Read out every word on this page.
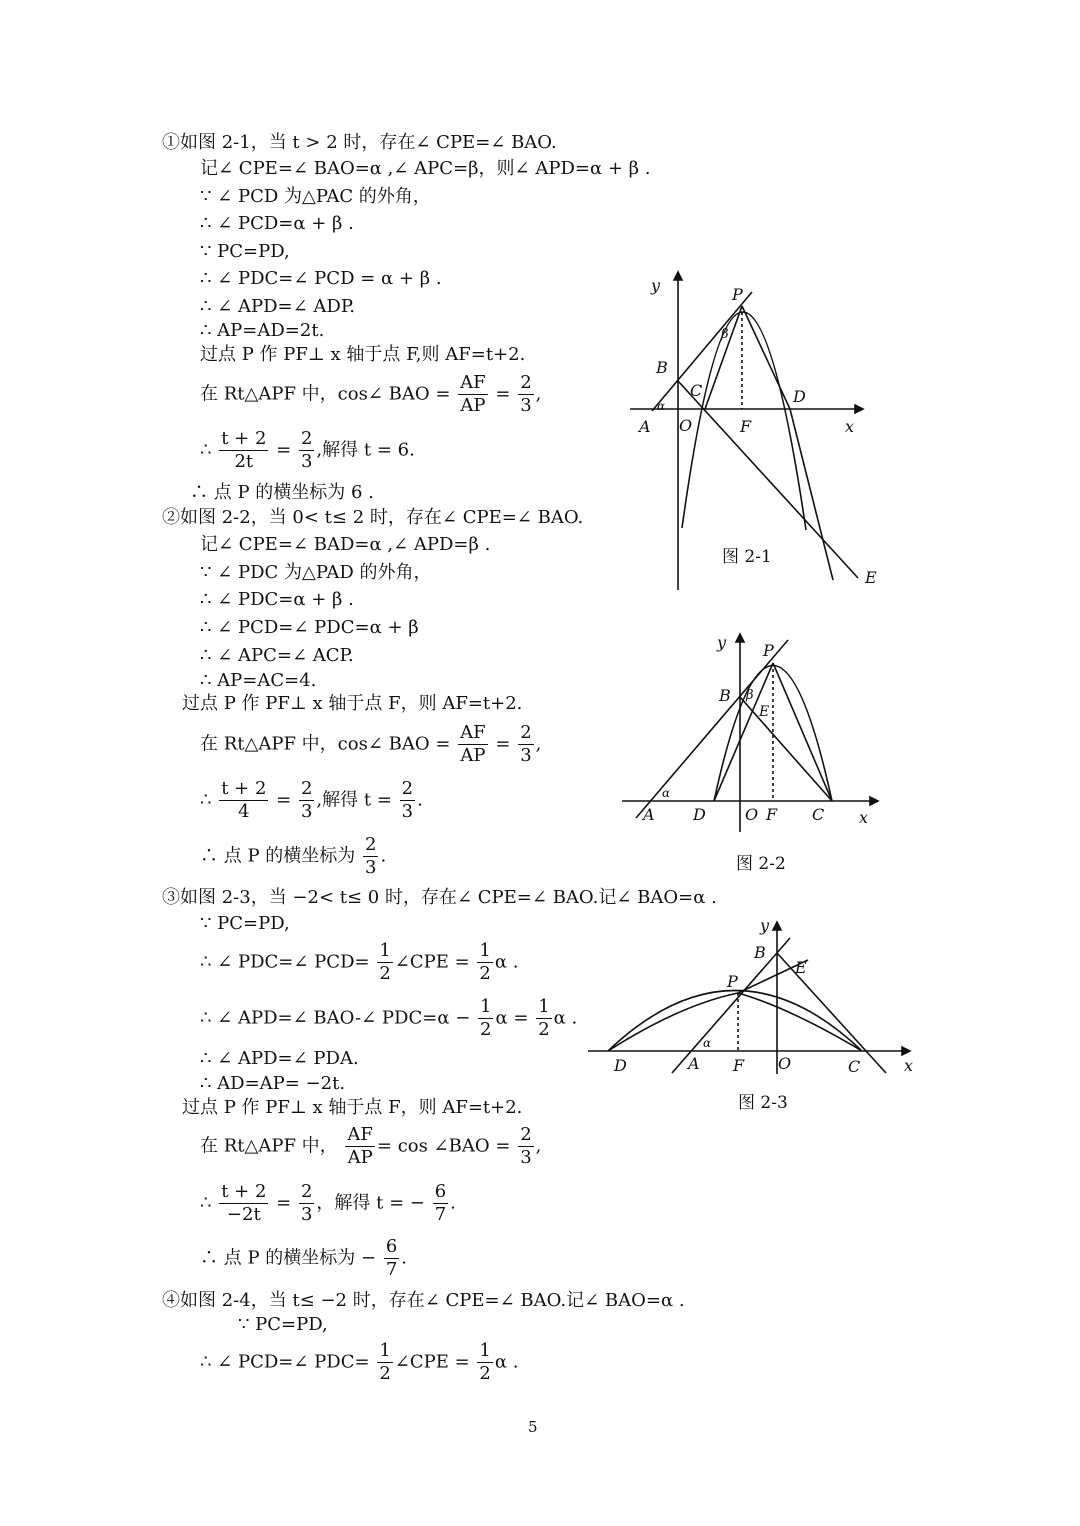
①如图 2-1，当 t > 2 时，存在∠ CPE=∠ BAO.
记∠ CPE=∠ BAO=α ,∠ APC=β，则∠ APD=α + β .
∵ ∠ PCD 为△PAC 的外角，
∴ ∠ PCD=α + β .
∵ PC=PD,
∴ ∠ PDC=∠ PCD = α + β .
∴ ∠ APD=∠ ADP.
∴ AP=AD=2t.
过点 P 作 PF⊥ x 轴于点 F,则 AF=t+2.
在 Rt△APF 中，cos∠ BAO = $\frac{AF}{AP} = \frac{2}{3}$ ,
∴ $\frac{t + 2}{2t} = \frac{2}{3}$ ,解得 t = 6.
∴ 点 P 的横坐标为 6 .
②如图 2-2，当 0< t≤ 2 时，存在∠ CPE=∠ BAO.
记∠ CPE=∠ BAD=α ,∠ APD=β .
∵ ∠ PDC 为△PAD 的外角，
∴ ∠ PDC=α + β .
∴ ∠ PCD=∠ PDC=α + β
∴ ∠ APC=∠ ACP.
∴ AP=AC=4.
过点 P 作 PF⊥ x 轴于点 F，则 AF=t+2.
在 Rt△APF 中，cos∠ BAO = $\frac{AF}{AP} = \frac{2}{3}$ ,
∴ $\frac{t + 2}{4} = \frac{2}{3}$ ,解得 $t = \frac{2}{3}$ .
∴ 点 P 的横坐标为 $\frac{2}{3}$ .
③如图 2-3，当 −2< t≤ 0 时，存在∠ CPE=∠ BAO.记∠ BAO=α .
∵ PC=PD,
∴ ∠ PDC=∠ $PCD= \frac{1}{2}$ ∠CPE = $\frac{1}{2}$ α .
∴ ∠ APD=∠ BAO-∠ $PDC=\alpha - \frac{1}{2}$ $\alpha = \frac{1}{2}$ α .
∴ ∠ APD=∠ PDA.
∴ AD=AP= −2t.
过点 P 作 PF⊥ x 轴于点 F，则 AF=t+2.
在 Rt△APF 中， $\frac{AF}{AP} = \cos$ ∠BAO = $\frac{2}{3}$ ,
∴ $\frac{t + 2}{-2t} = \frac{2}{3}$ ，解得 t = − $\frac{6}{7}$ .
∴ 点 P 的横坐标为 − $\frac{6}{7}$ .
④如图 2-4，当 t≤ −2 时，存在∠ CPE=∠ BAO.记∠ BAO=α .
∵ PC=PD,
∴ ∠ PCD=∠ $PDC= \frac{1}{2}$ ∠CPE = $\frac{1}{2}$ α .
y	P
β
B
C
α	D
A O	F	x
E
图 2-1
y P
B β
E
α
A D O F C x
图 2-2
y
B
E
P
α
D	A F O	C	x
图 2-3
5
